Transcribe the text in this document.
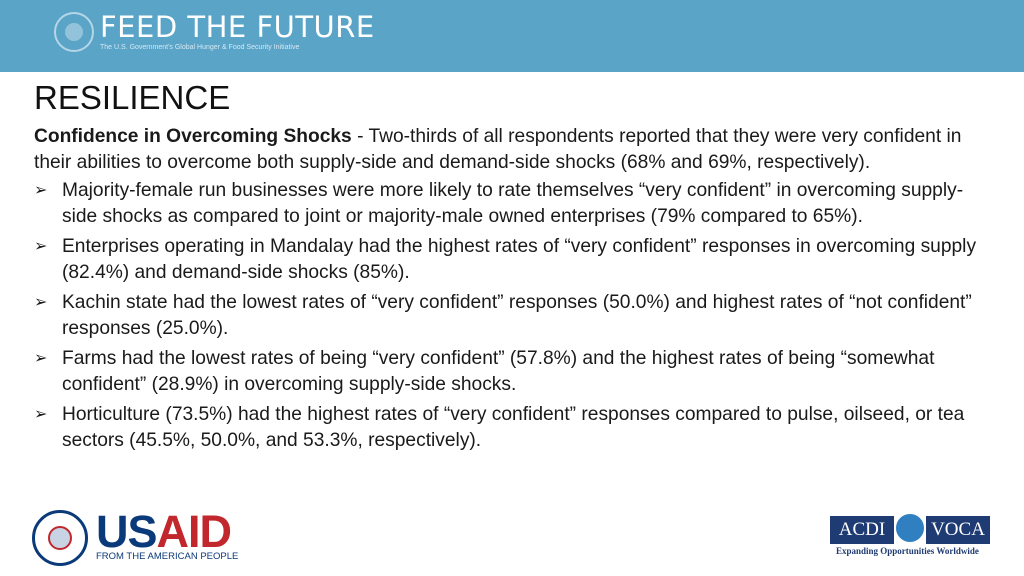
FEED THE FUTURE
The U.S. Government's Global Hunger & Food Security Initiative
RESILIENCE

Confidence in Overcoming Shocks - Two-thirds of all respondents reported that they were very confident in their abilities to overcome both supply-side and demand-side shocks (68% and 69%, respectively).

➢ Majority-female run businesses were more likely to rate themselves “very confident” in overcoming supply-side shocks as compared to joint or majority-male owned enterprises (79% compared to 65%).
➢ Enterprises operating in Mandalay had the highest rates of “very confident” responses in overcoming supply (82.4%) and demand-side shocks (85%).
➢ Kachin state had the lowest rates of “very confident” responses (50.0%) and highest rates of “not confident” responses (25.0%).
➢ Farms had the lowest rates of being “very confident” (57.8%) and the highest rates of being “somewhat confident” (28.9%) in overcoming supply-side shocks.
➢ Horticulture (73.5%) had the highest rates of “very confident” responses compared to pulse, oilseed, or tea sectors (45.5%, 50.0%, and 53.3%, respectively).
USAID
FROM THE AMERICAN PEOPLE
ACDI	VOCA
Expanding Opportunities Worldwide
